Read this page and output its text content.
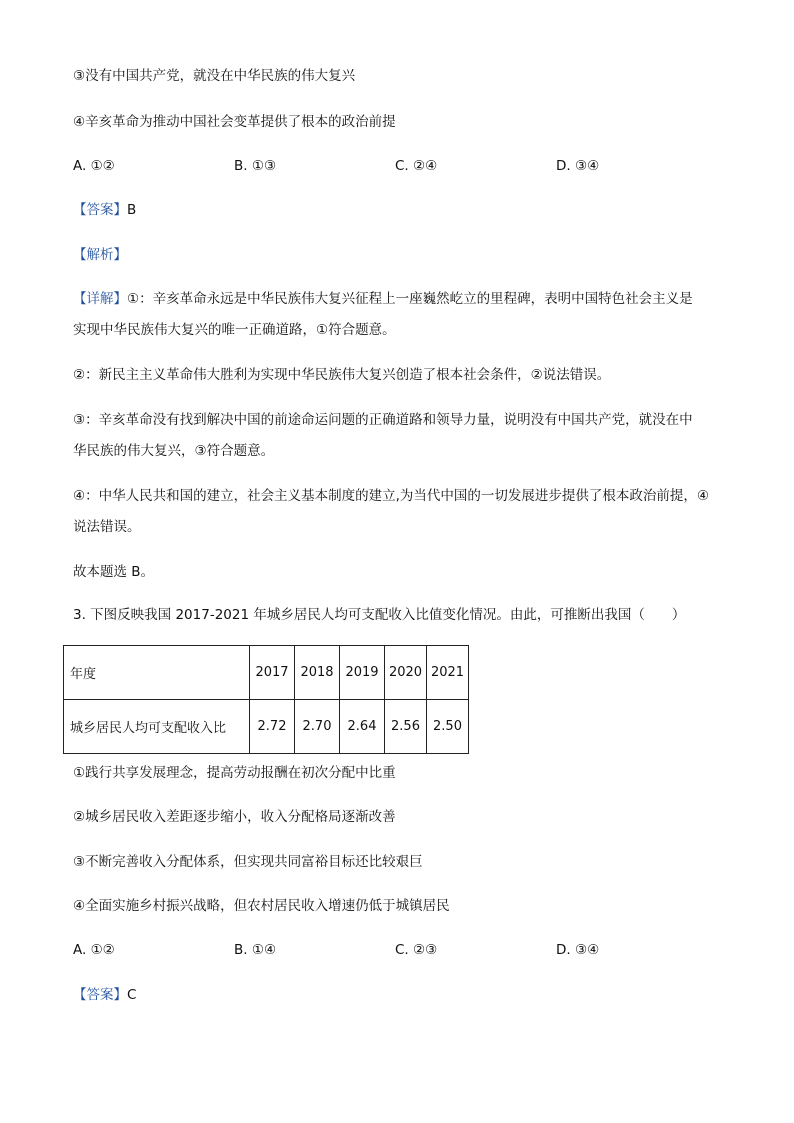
③没有中国共产党，就没在中华民族的伟大复兴
④辛亥革命为推动中国社会变革提供了根本的政治前提
A. ①②	B. ①③	C. ②④	D. ③④
【答案】B
【解析】
【详解】①：辛亥革命永远是中华民族伟大复兴征程上一座巍然屹立的里程碑，表明中国特色社会主义是
实现中华民族伟大复兴的唯一正确道路，①符合题意。
②：新民主主义革命伟大胜利为实现中华民族伟大复兴创造了根本社会条件，②说法错误。
③：辛亥革命没有找到解决中国的前途命运问题的正确道路和领导力量，说明没有中国共产党，就没在中
华民族的伟大复兴，③符合题意。
④：中华人民共和国的建立，社会主义基本制度的建立,为当代中国的一切发展进步提供了根本政治前提，④
说法错误。
故本题选 B。
3. 下图反映我国 2017-2021 年城乡居民人均可支配收入比值变化情况。由此，可推断出我国（　　）
年度	2017	2018	2019	2020	2021
城乡居民人均可支配收入比	2.72	2.70	2.64	2.56	2.50
①践行共享发展理念，提高劳动报酬在初次分配中比重
②城乡居民收入差距逐步缩小，收入分配格局逐渐改善
③不断完善收入分配体系，但实现共同富裕目标还比较艰巨
④全面实施乡村振兴战略，但农村居民收入增速仍低于城镇居民
A. ①②	B. ①④	C. ②③	D. ③④
【答案】C
